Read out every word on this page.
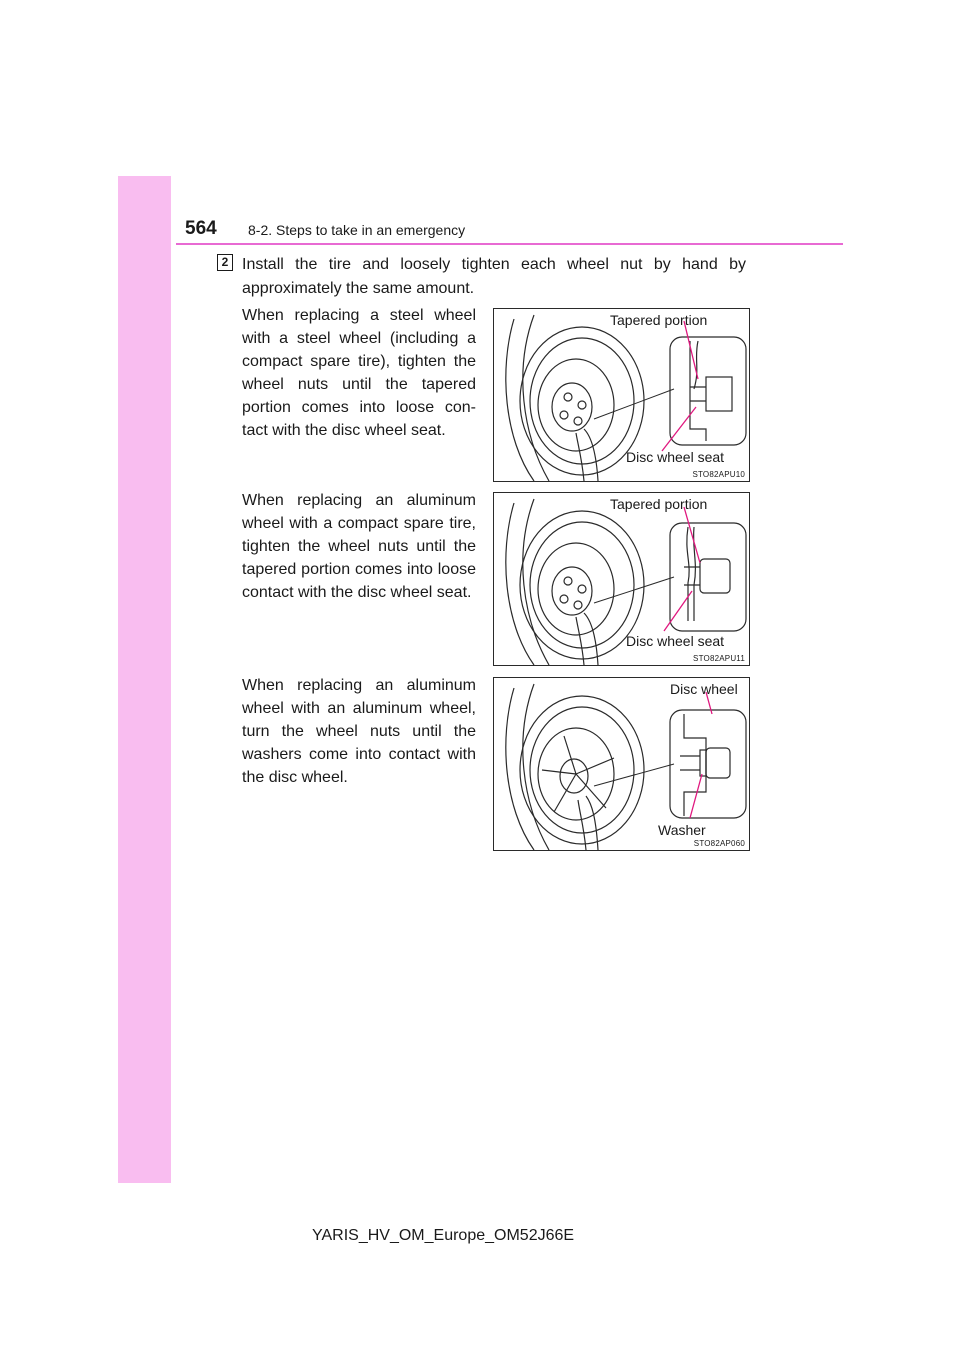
564 8-2. Steps to take in an emergency
2 Install the tire and loosely tighten each wheel nut by hand by approximately the same amount.
When replacing a steel wheel with a steel wheel (including a compact spare tire), tighten the wheel nuts until the tapered portion comes into loose con-tact with the disc wheel seat.
Tapered portion
Disc wheel seat
STO82APU10
When replacing an aluminum wheel with a compact spare tire, tighten the wheel nuts until the tapered portion comes into loose contact with the disc wheel seat.
Tapered portion
Disc wheel seat
STO82APU11
When replacing an aluminum wheel with an aluminum wheel, turn the wheel nuts until the washers come into contact with the disc wheel.
Disc wheel
Washer
STO82AP060
YARIS_HV_OM_Europe_OM52J66E
